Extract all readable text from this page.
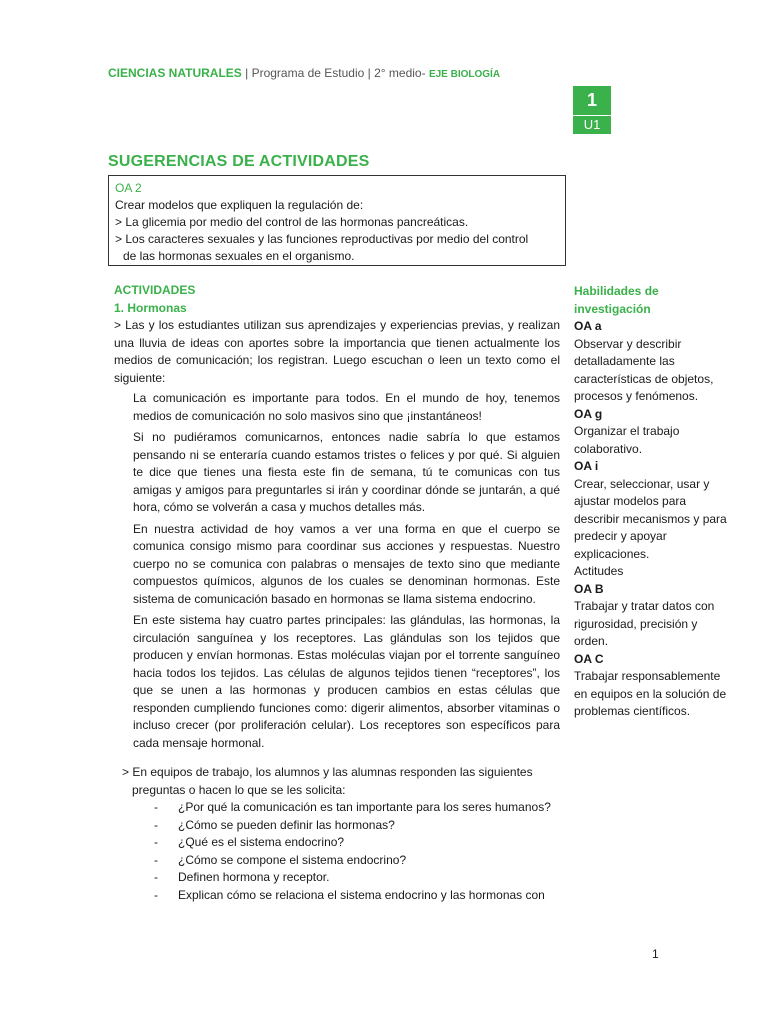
CIENCIAS NATURALES | Programa de Estudio | 2° medio- EJE BIOLOGÍA
1
U1
SUGERENCIAS DE ACTIVIDADES
OA 2
Crear modelos que expliquen la regulación de:
> La glicemia por medio del control de las hormonas pancreáticas.
> Los caracteres sexuales y las funciones reproductivas por medio del control
de las hormonas sexuales en el organismo.
ACTIVIDADES
1. Hormonas
> Las y los estudiantes utilizan sus aprendizajes y experiencias previas, y realizan una lluvia de ideas con aportes sobre la importancia que tienen actualmente los medios de comunicación; los registran. Luego escuchan o leen un texto como el siguiente:

La comunicación es importante para todos. En el mundo de hoy, tenemos medios de comunicación no solo masivos sino que ¡instantáneos!

Si no pudiéramos comunicarnos, entonces nadie sabría lo que estamos pensando ni se enteraría cuando estamos tristes o felices y por qué. Si alguien te dice que tienes una fiesta este fin de semana, tú te comunicas con tus amigas y amigos para preguntarles si irán y coordinar dónde se juntarán, a qué hora, cómo se volverán a casa y muchos detalles más.

En nuestra actividad de hoy vamos a ver una forma en que el cuerpo se comunica consigo mismo para coordinar sus acciones y respuestas. Nuestro cuerpo no se comunica con palabras o mensajes de texto sino que mediante compuestos químicos, algunos de los cuales se denominan hormonas. Este sistema de comunicación basado en hormonas se llama sistema endocrino.

En este sistema hay cuatro partes principales: las glándulas, las hormonas, la circulación sanguínea y los receptores. Las glándulas son los tejidos que producen y envían hormonas. Estas moléculas viajan por el torrente sanguíneo hacia todos los tejidos. Las células de algunos tejidos tienen “receptores”, los que se unen a las hormonas y producen cambios en estas células que responden cumpliendo funciones como: digerir alimentos, absorber vitaminas o incluso crecer (por proliferación celular). Los receptores son específicos para cada mensaje hormonal.

> En equipos de trabajo, los alumnos y las alumnas responden las siguientes
preguntas o hacen lo que se les solicita:
- ¿Por qué la comunicación es tan importante para los seres humanos?
- ¿Cómo se pueden definir las hormonas?
- ¿Qué es el sistema endocrino?
- ¿Cómo se compone el sistema endocrino?
- Definen hormona y receptor.
- Explican cómo se relaciona el sistema endocrino y las hormonas con
Habilidades de
investigación
OA a
Observar y describir detalladamente las características de objetos, procesos y fenómenos.
OA g
Organizar el trabajo colaborativo.
OA i
Crear, seleccionar, usar y ajustar modelos para describir mecanismos y para predecir y apoyar explicaciones.
Actitudes
OA B
Trabajar y tratar datos con rigurosidad, precisión y orden.
OA C
Trabajar responsablemente en equipos en la solución de problemas científicos.
1
